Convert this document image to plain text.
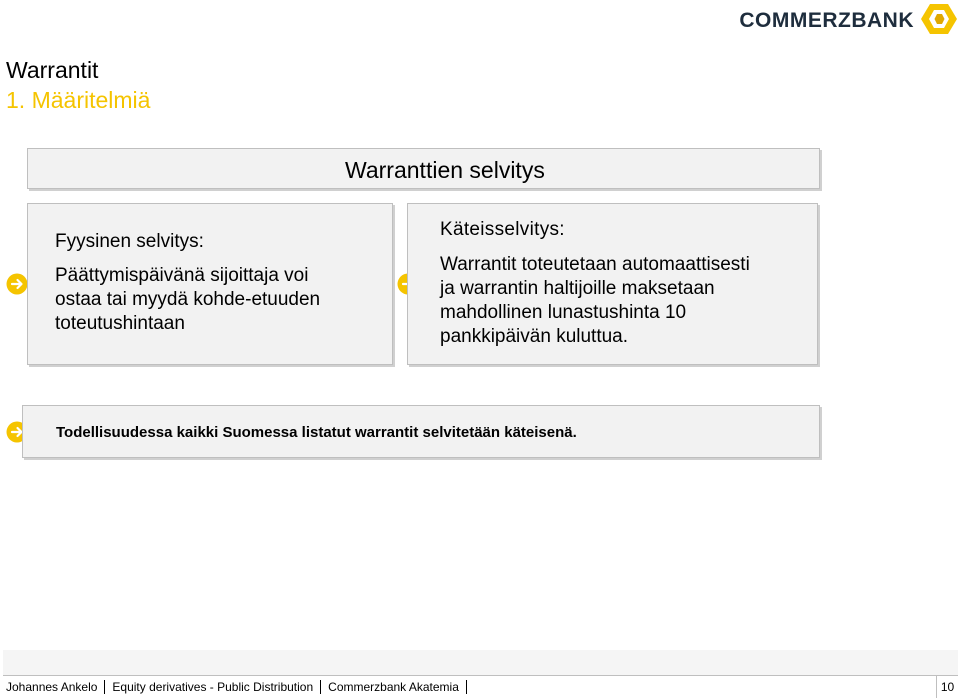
COMMERZBANK
Warrantit
1. Määritelmiä
Warranttien selvitys
Fyysinen selvitys:
Päättymispäivänä sijoittaja voi
ostaa tai myydä kohde-etuuden
toteutushintaan
Käteisselvitys:
Warrantit toteutetaan automaattisesti
ja warrantin haltijoille maksetaan
mahdollinen lunastushinta 10
pankkipäivän kuluttua.
Todellisuudessa kaikki Suomessa listatut warrantit selvitetään käteisenä.
Johannes Ankelo	Equity derivatives - Public Distribution	Commerzbank Akatemia	10
